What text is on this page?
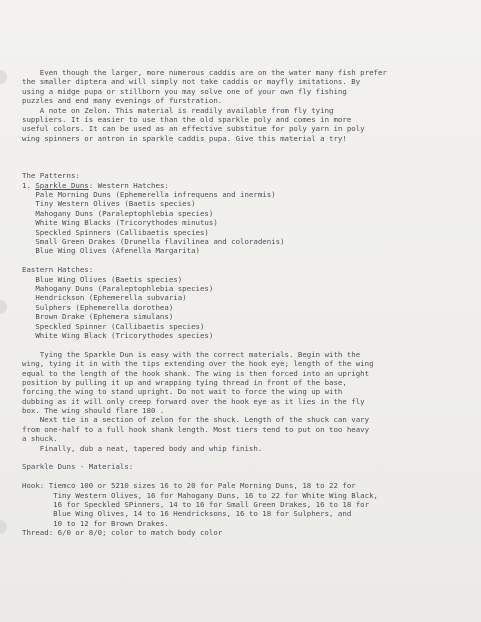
Even though the larger, more numerous caddis are on the water many fish prefer
the smaller diptera and will simply not take caddis or mayfly imitations. By
using a midge pupa or stillborn you may solve one of your own fly fishing
puzzles and end many evenings of furstration.
A note on Zelon. This material is readily available from fly tying
suppliers. It is easier to use than the old sparkle poly and comes in more
useful colors. It can be used as an effective substitue for poly yarn in poly
wing spinners or antron in sparkle caddis pupa. Give this material a try!
The Patterns:
1. Sparkle Duns: Western Hatches:
Pale Morning Duns (Ephemerella infrequens and inermis)
Tiny Western Olives (Baetis species)
Mahogany Duns (Paraleptophlebia species)
White Wing Blacks (Tricorythodes minutus)
Speckled Spinners (Callibaetis species)
Small Green Drakes (Drunella flavilinea and coloradenis)
Blue Wing Olives (Afenella Margarita)
Eastern Hatches:
Blue Wing Olives (Baetis species)
Mahogany Duns (Paraleptophlebia species)
Hendrickson (Ephemerella subvaria)
Sulphers (Ephemerella dorothea)
Brown Drake (Ephemera simulans)
Speckled Spinner (Callibaetis species)
White Wing Black (Tricorythodes species)
Tying the Sparkle Dun is easy with the correct materials. Begin with the
wing, tying it in with the tips extending over the hook eye; length of the wing
equal to the length of the hook shank. The wing is then forced into an upright
position by pulling it up and wrapping tying thread in front of the base,
forcing the wing to stand upright. Do not wait to force the wing up with
dubbing as it will only creep forward over the hook eye as it lies in the fly
box. The wing should flare 180 .
Next tie in a section of zelon for the shuck. Length of the shuck can vary
from one-half to a full hook shank length. Most tiers tend to put on too heavy
a shuck.
Finally, dub a neat, tapered body and whip finish.
Sparkle Duns - Materials:
Hook: Tiemco 100 or 5210 sizes 16 to 20 for Pale Morning Duns, 18 to 22 for
Tiny Western Olives, 16 for Mahogany Duns, 16 to 22 for White Wing Black,
16 for Speckled SPinners, 14 to 16 for Small Green Drakes, 16 to 18 for
Blue Wing Olives, 14 to 16 Hendricksons, 16 to 18 for Sulphers, and
10 to 12 for Brown Drakes.
Thread: 6/0 or 8/0; color to match body color
